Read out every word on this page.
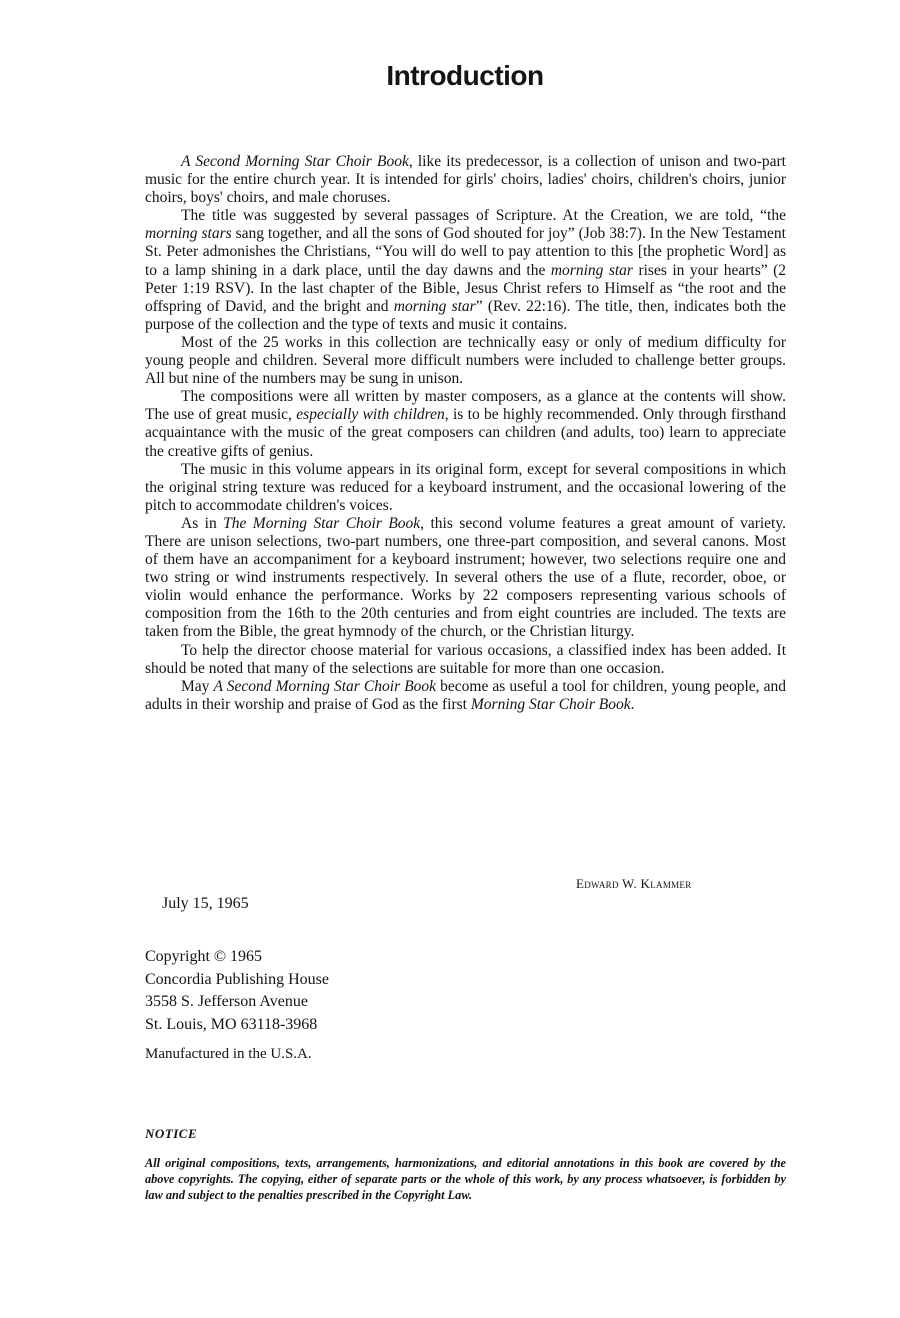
Introduction

A Second Morning Star Choir Book, like its predecessor, is a collection of unison and two-part music for the entire church year. It is intended for girls' choirs, ladies' choirs, children's choirs, junior choirs, boys' choirs, and male choruses.

The title was suggested by several passages of Scripture. At the Creation, we are told, “the morning stars sang together, and all the sons of God shouted for joy” (Job 38:7). In the New Testament St. Peter admonishes the Christians, “You will do well to pay attention to this [the prophetic Word] as to a lamp shining in a dark place, until the day dawns and the morning star rises in your hearts” (2 Peter 1:19 RSV). In the last chapter of the Bible, Jesus Christ refers to Himself as “the root and the offspring of David, and the bright and morning star” (Rev. 22:16). The title, then, indicates both the purpose of the collection and the type of texts and music it contains.

Most of the 25 works in this collection are technically easy or only of medium difficulty for young people and children. Several more difficult numbers were included to challenge better groups. All but nine of the numbers may be sung in unison.

The compositions were all written by master composers, as a glance at the contents will show. The use of great music, especially with children, is to be highly recommended. Only through firsthand acquaintance with the music of the great composers can children (and adults, too) learn to appreciate the creative gifts of genius.

The music in this volume appears in its original form, except for several compositions in which the original string texture was reduced for a keyboard instrument, and the occasional lowering of the pitch to accommodate children's voices.

As in The Morning Star Choir Book, this second volume features a great amount of variety. There are unison selections, two-part numbers, one three-part composition, and several canons. Most of them have an accompaniment for a keyboard instrument; however, two selections require one and two string or wind instruments respectively. In several others the use of a flute, recorder, oboe, or violin would enhance the performance. Works by 22 composers representing various schools of composition from the 16th to the 20th centuries and from eight countries are included. The texts are taken from the Bible, the great hymnody of the church, or the Christian liturgy.

To help the director choose material for various occasions, a classified index has been added. It should be noted that many of the selections are suitable for more than one occasion.

May A Second Morning Star Choir Book become as useful a tool for children, young people, and adults in their worship and praise of God as the first Morning Star Choir Book.

Edward W. Klammer
July 15, 1965
Copyright © 1965
Concordia Publishing House
3558 S. Jefferson Avenue
St. Louis, MO 63118-3968
Manufactured in the U.S.A.
NOTICE
All original compositions, texts, arrangements, harmonizations, and editorial annotations in this book are covered by the above copyrights. The copying, either of separate parts or the whole of this work, by any process whatsoever, is forbidden by law and subject to the penalties prescribed in the Copyright Law.
